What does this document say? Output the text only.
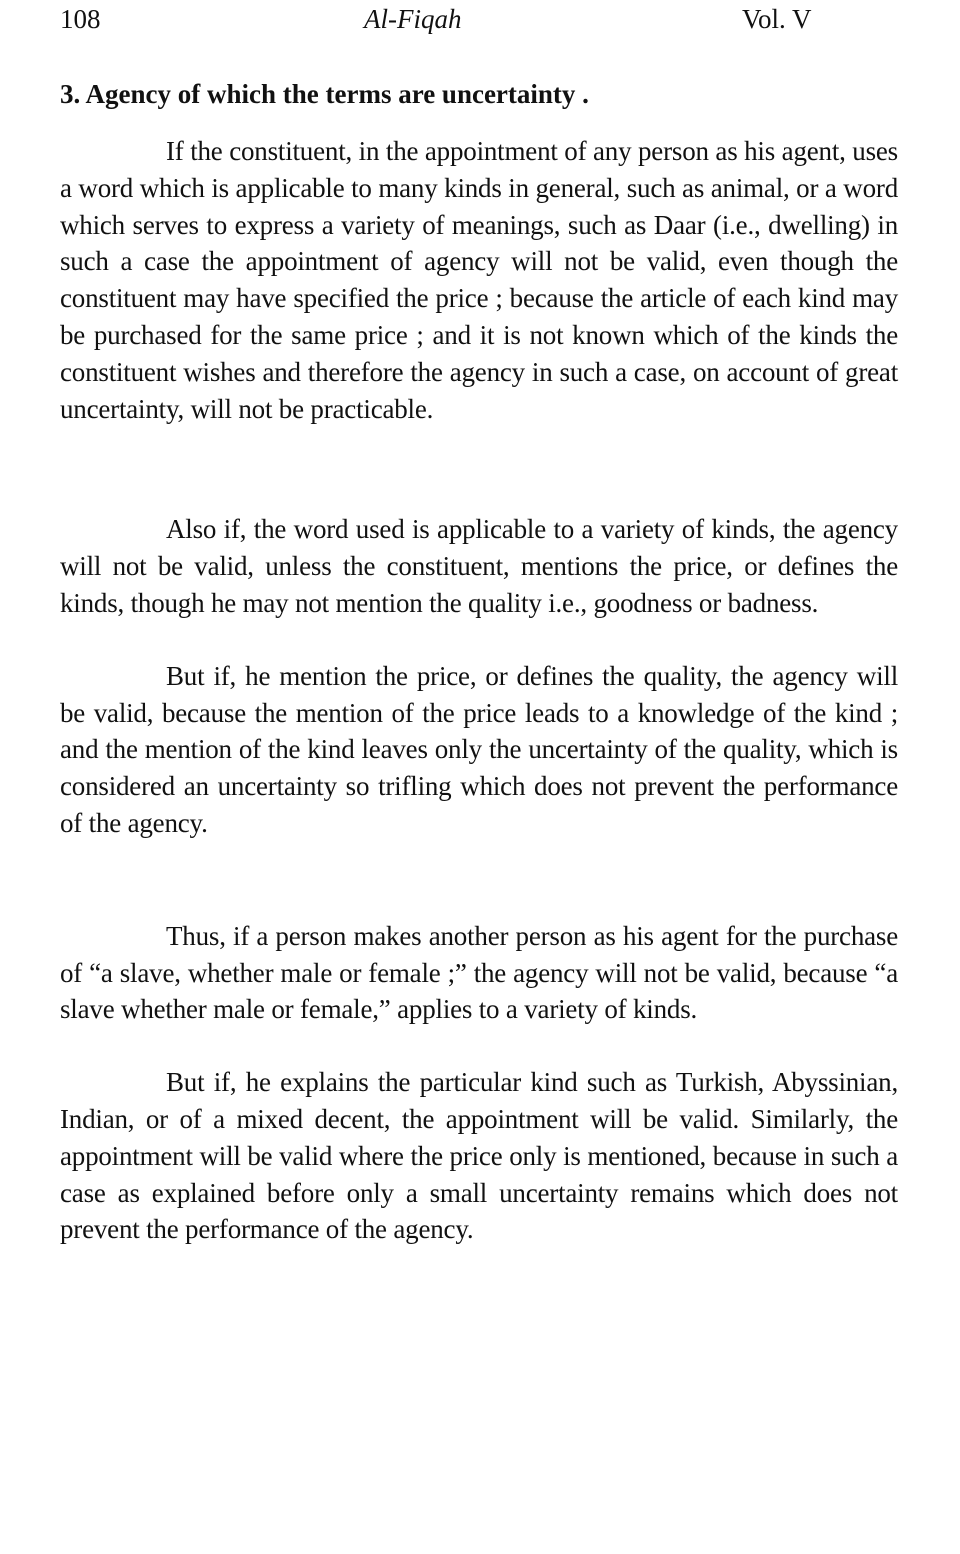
108	Al-Fiqah	Vol. V
3. Agency of which the terms are uncertainty .

If the constituent, in the appointment of any person as his agent, uses a word which is applicable to many kinds in general, such as animal, or a word which serves to express a variety of meanings, such as Daar (i.e., dwelling) in such a case the appointment of agency will not be valid, even though the constituent may have specified the price ; because the article of each kind may be purchased for the same price ; and it is not known which of the kinds the constituent wishes and therefore the agency in such a case, on account of great uncertainty, will not be practicable.

Also if, the word used is applicable to a variety of kinds, the agency will not be valid, unless the constituent, mentions the price, or defines the kinds, though he may not mention the quality i.e., goodness or badness.

But if, he mention the price, or defines the quality, the agency will be valid, because the mention of the price leads to a knowledge of the kind ; and the mention of the kind leaves only the uncertainty of the quality, which is considered an uncertainty so trifling which does not prevent the performance of the agency.

Thus, if a person makes another person as his agent for the purchase of “a slave, whether male or female ;” the agency will not be valid, because “a slave whether male or female,” applies to a variety of kinds.

But if, he explains the particular kind such as Turkish, Abyssinian, Indian, or of a mixed decent, the appointment will be valid. Similarly, the appointment will be valid where the price only is mentioned, because in such a case as explained before only a small uncertainty remains which does not prevent the performance of the agency.
